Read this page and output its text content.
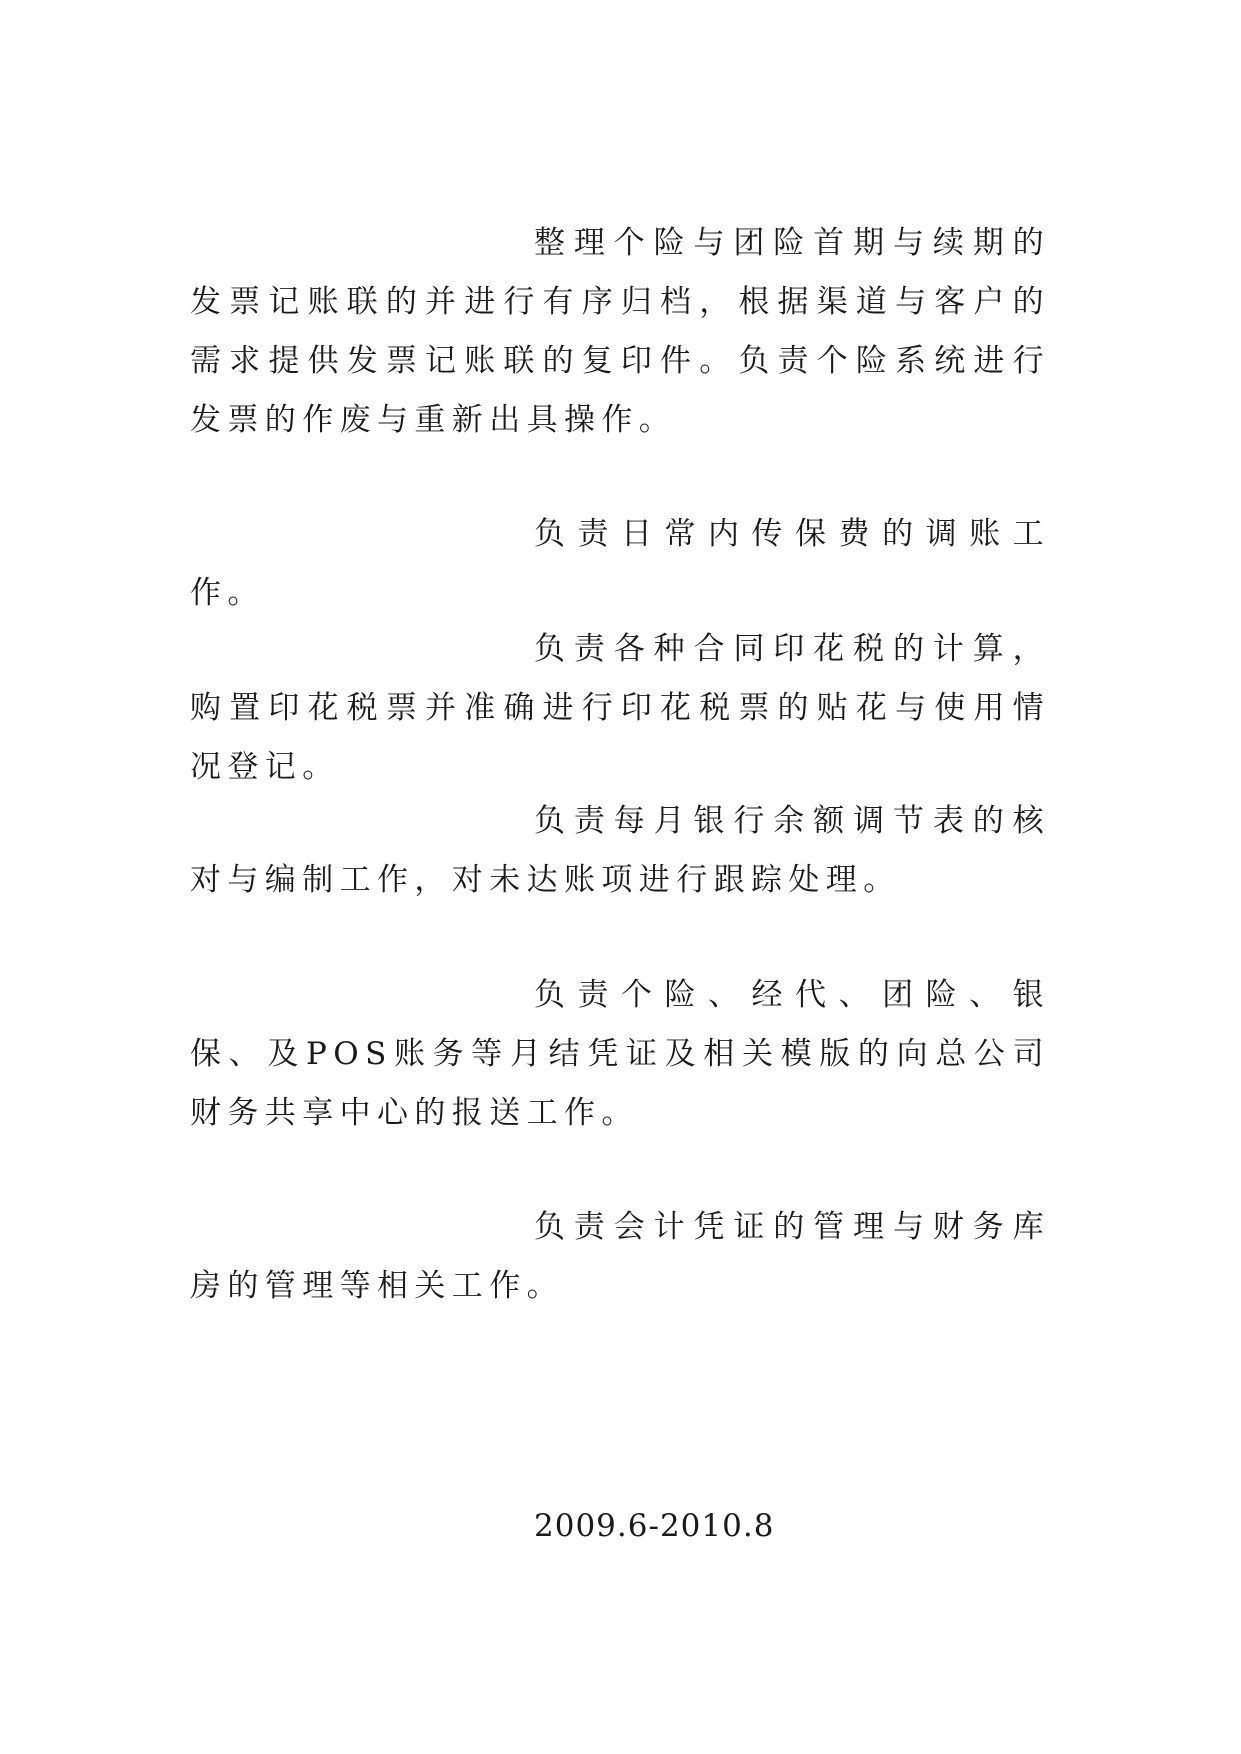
整理个险与团险首期与续期的发票记账联的并进行有序归档，根据渠道与客户的需求提供发票记账联的复印件。负责个险系统进行发票的作废与重新出具操作。

负责日常内传保费的调账工作。

负责各种合同印花税的计算，购置印花税票并准确进行印花税票的贴花与使用情况登记。

负责每月银行余额调节表的核对与编制工作，对未达账项进行跟踪处理。

负责个险、经代、团险、银保、及POS账务等月结凭证及相关模版的向总公司财务共享中心的报送工作。

负责会计凭证的管理与财务库房的管理等相关工作。

2009.6-2010.8
